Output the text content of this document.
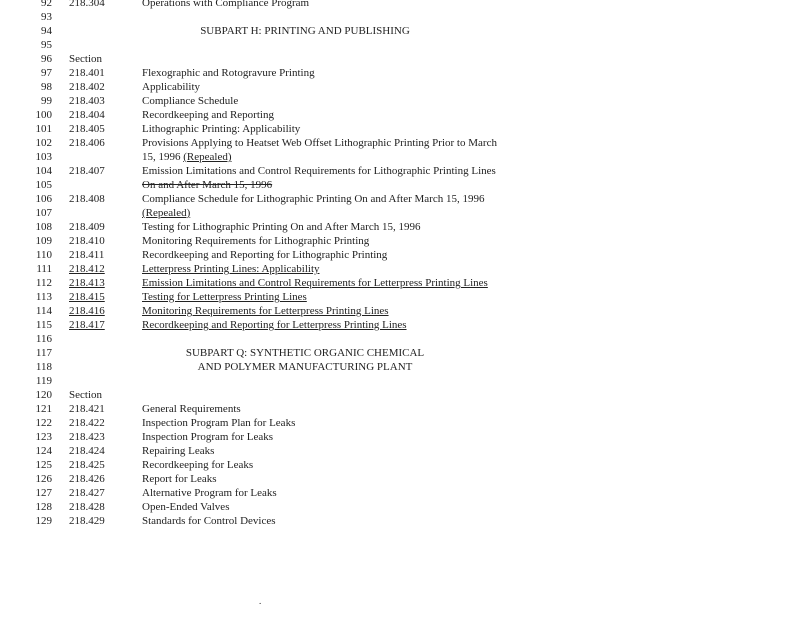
92 218.304	Operations with Compliance Program
93
94	SUBPART H: PRINTING AND PUBLISHING
95
96 Section
97 218.401	Flexographic and Rotogravure Printing
98 218.402	Applicability
99 218.403	Compliance Schedule
100 218.404	Recordkeeping and Reporting
101 218.405	Lithographic Printing: Applicability
102 218.406	Provisions Applying to Heatset Web Offset Lithographic Printing Prior to March
103	15, 1996 (Repealed)
104 218.407	Emission Limitations and Control Requirements for Lithographic Printing Lines
105	On and After March 15, 1996
106 218.408	Compliance Schedule for Lithographic Printing On and After March 15, 1996
107	(Repealed)
108 218.409	Testing for Lithographic Printing On and After March 15, 1996
109 218.410	Monitoring Requirements for Lithographic Printing
110 218.411	Recordkeeping and Reporting for Lithographic Printing
111 218.412	Letterpress Printing Lines: Applicability
112 218.413	Emission Limitations and Control Requirements for Letterpress Printing Lines
113 218.415	Testing for Letterpress Printing Lines
114 218.416	Monitoring Requirements for Letterpress Printing Lines
115 218.417	Recordkeeping and Reporting for Letterpress Printing Lines
116
117	SUBPART Q: SYNTHETIC ORGANIC CHEMICAL
118	AND POLYMER MANUFACTURING PLANT
119
120 Section
121 218.421	General Requirements
122 218.422	Inspection Program Plan for Leaks
123 218.423	Inspection Program for Leaks
124 218.424	Repairing Leaks
125 218.425	Recordkeeping for Leaks
126 218.426	Report for Leaks
127 218.427	Alternative Program for Leaks
128 218.428	Open-Ended Valves
129 218.429	Standards for Control Devices
.
